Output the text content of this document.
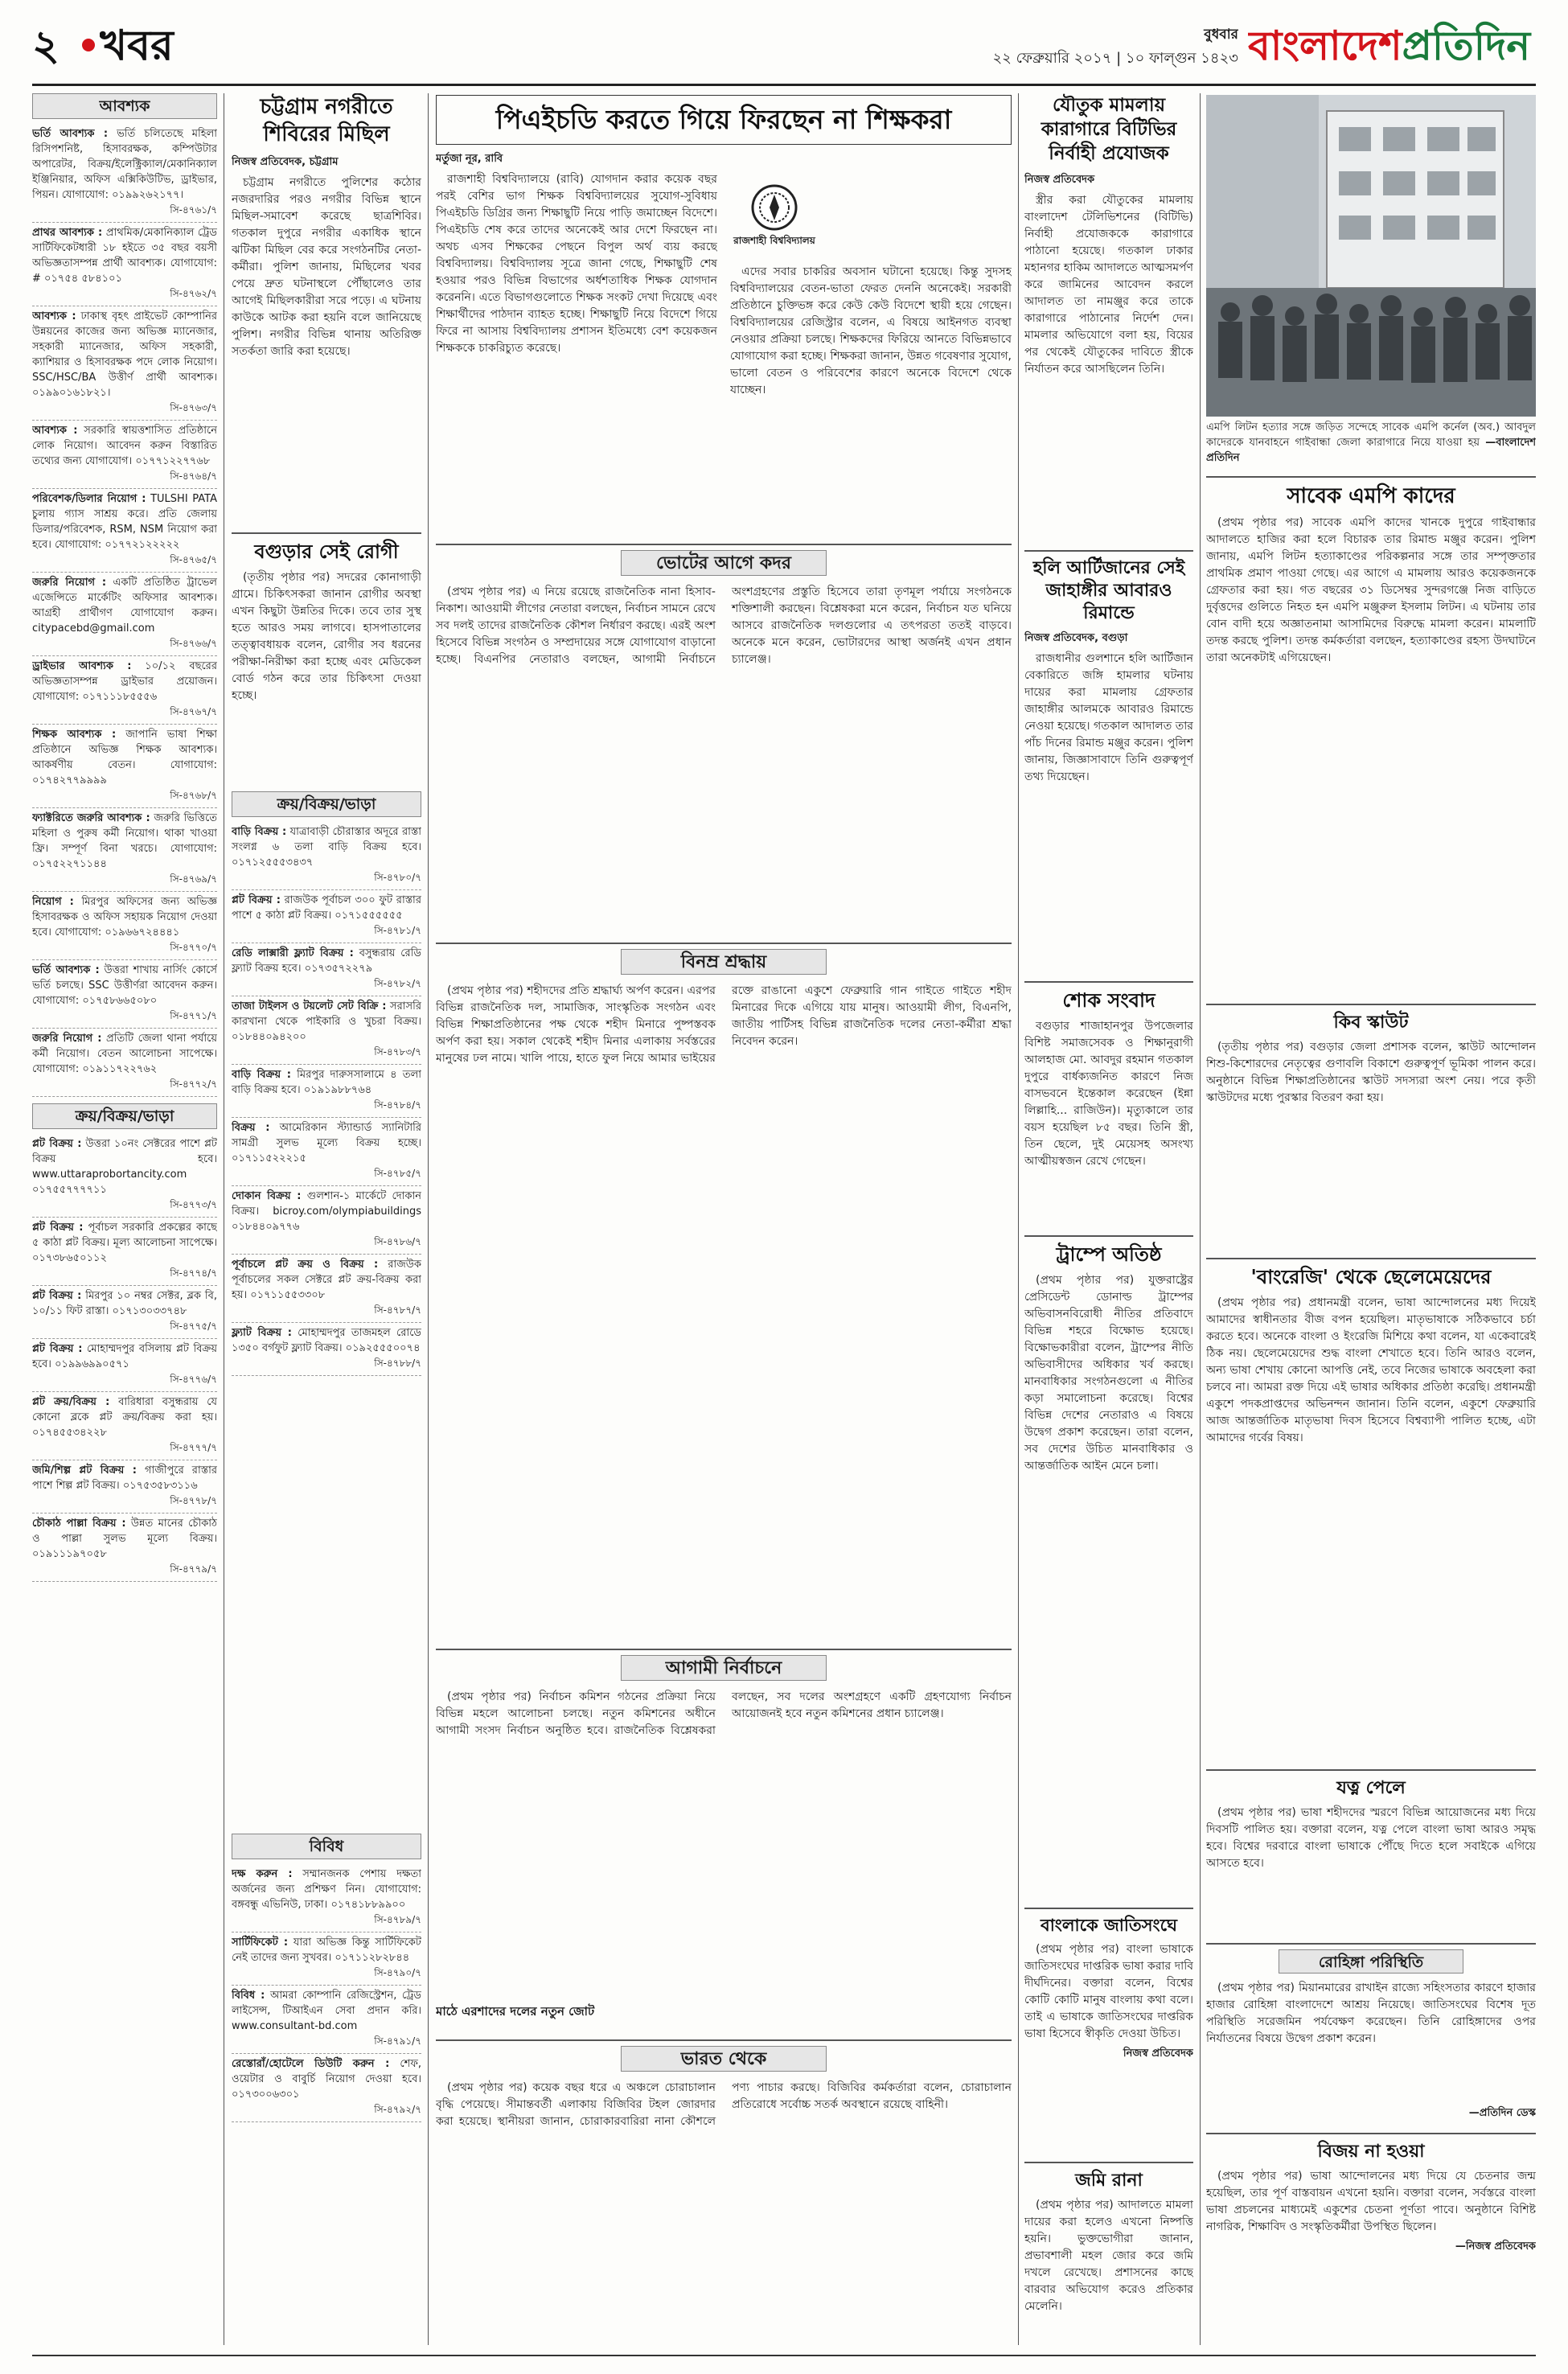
২ খবর	বুধবার
২২ ফেব্রুয়ারি ২০১৭ | ১০ ফাল্গুন ১৪২৩ বাংলাদেশপ্রতিদিন
আবশ্যক
ভর্তি আবশ্যক : ভর্তি চলিতেছে মহিলা রিসিপশনিষ্ট, হিসাবরক্ষক, কম্পিউটার অপারেটর, বিক্রয়/ইলেক্ট্রিক্যাল/মেকানিক্যাল ইঞ্জিনিয়ার, অফিস এক্সিকিউটিভ, ড্রাইভার, পিয়ন। যোগাযোগ: ০১৯৯২৬২১৭৭।
সি-৪৭৬১/৭
প্রাথর আবশ্যক : প্রাথমিক/মেকানিক্যাল ট্রেড সার্টিফিকেটধারী ১৮ হইতে ৩৫ বছর বয়সী অভিজ্ঞতাসম্পন্ন প্রার্থী আবশ্যক। যোগাযোগ: # ০১৭৫৪ ৫৮৪১০১
সি-৪৭৬২/৭
আবশ্যক : ঢাকাস্থ বৃহৎ প্রাইভেট কোম্পানির উন্নয়নের কাজের জন্য অভিজ্ঞ ম্যানেজার, সহকারী ম্যানেজার, অফিস সহকারী, ক্যাশিয়ার ও হিসাবরক্ষক পদে লোক নিয়োগ। SSC/HSC/BA উত্তীর্ণ প্রার্থী আবশ্যক। ০১৯৯০১৬১৮২১।
সি-৪৭৬৩/৭
আবশ্যক : সরকারি স্বায়ত্তশাসিত প্রতিষ্ঠানে লোক নিয়োগ। আবেদন করুন বিস্তারিত তথ্যের জন্য যোগাযোগ। ০১৭৭১২২৭৭৬৮
সি-৪৭৬৪/৭
পরিবেশক/ডিলার নিয়োগ : TULSHI PATA চুলায় গ্যাস সাশ্রয় করে। প্রতি জেলায় ডিলার/পরিবেশক, RSM, NSM নিয়োগ করা হবে। যোগাযোগ: ০১৭৭২১২২২২২
সি-৪৭৬৫/৭
জরুরি নিয়োগ : একটি প্রতিষ্ঠিত ট্রাভেল এজেন্সিতে মার্কেটিং অফিসার আবশ্যক। আগ্রহী প্রার্থীগণ যোগাযোগ করুন। citypacebd@gmail.com
সি-৪৭৬৬/৭
ড্রাইভার আবশ্যক : ১০/১২ বছরের অভিজ্ঞতাসম্পন্ন ড্রাইভার প্রয়োজন। যোগাযোগ: ০১৭১১১৮৫৫৫৬
সি-৪৭৬৭/৭
শিক্ষক আবশ্যক : জাপানি ভাষা শিক্ষা প্রতিষ্ঠানে অভিজ্ঞ শিক্ষক আবশ্যক। আকর্ষণীয় বেতন। যোগাযোগ: ০১৭৪২৭৭৯৯৯৯
সি-৪৭৬৮/৭
ফ্যাক্টরিতে জরুরি আবশ্যক : জরুরি ভিত্তিতে মহিলা ও পুরুষ কর্মী নিয়োগ। থাকা খাওয়া ফ্রি। সম্পূর্ণ বিনা খরচে। যোগাযোগ: ০১৭৫২২৭১১৪৪
সি-৪৭৬৯/৭
নিয়োগ : মিরপুর অফিসের জন্য অভিজ্ঞ হিসাবরক্ষক ও অফিস সহায়ক নিয়োগ দেওয়া হবে। যোগাযোগ: ০১৯৬৬৭২৪৪৪১
সি-৪৭৭০/৭
ভর্তি আবশ্যক : উত্তরা শাখায় নার্সিং কোর্সে ভর্তি চলছে। SSC উত্তীর্ণরা আবেদন করুন। যোগাযোগ: ০১৭৫৮৬৬৫০৮০
সি-৪৭৭১/৭
জরুরি নিয়োগ : প্রতিটি জেলা থানা পর্যায়ে কর্মী নিয়োগ। বেতন আলোচনা সাপেক্ষে। যোগাযোগ: ০১৯১১৭২২৭৬২
সি-৪৭৭২/৭
ক্রয়/বিক্রয়/ভাড়া
প্লট বিক্রয় : উত্তরা ১০নং সেক্টরের পাশে প্লট বিক্রয় হবে। www.uttaraprobortancity.com ০১৭৫৫৭৭৭৭১১
সি-৪৭৭৩/৭
প্লট বিক্রয় : পূর্বাচল সরকারি প্রকল্পের কাছে ৫ কাঠা প্লট বিক্রয়। মূল্য আলোচনা সাপেক্ষে। ০১৭৩৮৬৫০১১২
সি-৪৭৭৪/৭
প্লট বিক্রয় : মিরপুর ১০ নম্বর সেক্টর, ব্লক বি, ১০/১১ ফিট রাস্তা। ০১৭১৩০৩৩৭৪৮
সি-৪৭৭৫/৭
প্লট বিক্রয় : মোহাম্মদপুর বসিলায় প্লট বিক্রয় হবে। ০১৯৯৬৯৯০৫৭১
সি-৪৭৭৬/৭
প্লট ক্রয়/বিক্রয় : বারিধারা বসুন্ধরায় যে কোনো ব্লকে প্লট ক্রয়/বিক্রয় করা হয়। ০১৭৪৫৫৩৪২২৮
সি-৪৭৭৭/৭
জমি/শিল্প প্লট বিক্রয় : গাজীপুরে রাস্তার পাশে শিল্প প্লট বিক্রয়। ০১৭৫৩৫৮৩১১৬
সি-৪৭৭৮/৭
চৌকাঠ পাল্লা বিক্রয় : উন্নত মানের চৌকাঠ ও পাল্লা সুলভ মূল্যে বিক্রয়। ০১৯১১১৯৭০৫৮
সি-৪৭৭৯/৭
চট্টগ্রাম নগরীতে
শিবিরের মিছিল
নিজস্ব প্রতিবেদক, চট্টগ্রাম

চট্টগ্রাম নগরীতে পুলিশের কঠোর নজরদারির পরও নগরীর বিভিন্ন স্থানে মিছিল-সমাবেশ করেছে ছাত্রশিবির। গতকাল দুপুরে নগরীর একাধিক স্থানে ঝটিকা মিছিল বের করে সংগঠনটির নেতা-কর্মীরা। পুলিশ জানায়, মিছিলের খবর পেয়ে দ্রুত ঘটনাস্থলে পৌঁছালেও তার আগেই মিছিলকারীরা সরে পড়ে। এ ঘটনায় কাউকে আটক করা হয়নি বলে জানিয়েছে পুলিশ। নগরীর বিভিন্ন থানায় অতিরিক্ত সতর্কতা জারি করা হয়েছে।

বগুড়ার সেই রোগী

(তৃতীয় পৃষ্ঠার পর) সদরের কোনাগাড়ী গ্রামে। চিকিৎসকরা জানান রোগীর অবস্থা এখন কিছুটা উন্নতির দিকে। তবে তার সুস্থ হতে আরও সময় লাগবে। হাসপাতালের তত্ত্বাবধায়ক বলেন, রোগীর সব ধরনের পরীক্ষা-নিরীক্ষা করা হচ্ছে এবং মেডিকেল বোর্ড গঠন করে তার চিকিৎসা দেওয়া হচ্ছে।

ক্রয়/বিক্রয়/ভাড়া
বাড়ি বিক্রয় : যাত্রাবাড়ী চৌরাস্তার অদূরে রাস্তা সংলগ্ন ৬ তলা বাড়ি বিক্রয় হবে। ০১৭১২৫৫৫৩৪৩৭
সি-৪৭৮০/৭
প্লট বিক্রয় : রাজউক পূর্বাচল ৩০০ ফুট রাস্তার পাশে ৫ কাঠা প্লট বিক্রয়। ০১৭১৫৫৫৫৫৫
সি-৪৭৮১/৭
রেডি লাক্সারী ফ্ল্যাট বিক্রয় : বসুন্ধরায় রেডি ফ্ল্যাট বিক্রয় হবে। ০১৭৩৫৭২২৭৯
সি-৪৭৮২/৭
তাজা টাইলস ও টয়লেট সেট বিক্রি : সরাসরি কারখানা থেকে পাইকারি ও খুচরা বিক্রয়। ০১৮৪৪০৯৪২০০
সি-৪৭৮৩/৭
বাড়ি বিক্রয় : মিরপুর দারুসসালামে ৪ তলা বাড়ি বিক্রয় হবে। ০১৯১৯৮৮৭৬৪
সি-৪৭৮৪/৭
বিক্রয় : আমেরিকান স্ট্যান্ডার্ড স্যানিটারি সামগ্রী সুলভ মূল্যে বিক্রয় হচ্ছে। ০১৭১১৫২২২১৫
সি-৪৭৮৫/৭
দোকান বিক্রয় : গুলশান-১ মার্কেটে দোকান বিক্রয়। bicroy.com/olympiabuildings ০১৮৪৪০৯৭৭৬
সি-৪৭৮৬/৭
পূর্বাচলে প্লট ক্রয় ও বিক্রয় : রাজউক পূর্বাচলের সকল সেক্টরে প্লট ক্রয়-বিক্রয় করা হয়। ০১৭১১৫৫৩৩০৮
সি-৪৭৮৭/৭
ফ্ল্যাট বিক্রয় : মোহাম্মদপুর তাজমহল রোডে ১৩৫০ বর্গফুট ফ্ল্যাট বিক্রয়। ০১৯২৫৫৫০০৭৪
সি-৪৭৮৮/৭
বিবিধ
দক্ষ করুন : সম্মানজনক পেশায় দক্ষতা অর্জনের জন্য প্রশিক্ষণ নিন। যোগাযোগ: বঙ্গবন্ধু এভিনিউ, ঢাকা। ০১৭৪১৮৮৯৯০০
সি-৪৭৮৯/৭
সার্টিফিকেট : যারা অভিজ্ঞ কিন্তু সার্টিফিকেট নেই তাদের জন্য সুখবর। ০১৭১১২৮২৮৪৪
সি-৪৭৯০/৭
বিবিধ : আমরা কোম্পানি রেজিস্ট্রেশন, ট্রেড লাইসেন্স, টিআইএন সেবা প্রদান করি। www.consultant-bd.com
সি-৪৭৯১/৭
রেস্তোরাঁ/হোটেলে ডিউটি করুন : শেফ, ওয়েটার ও বাবুর্চি নিয়োগ দেওয়া হবে। ০১৭৩০০৬৩০১
সি-৪৭৯২/৭
পিএইচডি করতে গিয়ে ফিরছেন না শিক্ষকরা
মর্তুজা নূর, রাবি

রাজশাহী বিশ্ববিদ্যালয়ে (রাবি) যোগদান করার কয়েক বছর পরই বেশির ভাগ শিক্ষক বিশ্ববিদ্যালয়ের সুযোগ-সুবিধায় পিএইচডি ডিগ্রির জন্য শিক্ষাছুটি নিয়ে পাড়ি জমাচ্ছেন বিদেশে। পিএইচডি শেষ করে তাদের অনেকেই আর দেশে ফিরছেন না। অথচ এসব শিক্ষকের পেছনে বিপুল অর্থ ব্যয় করছে বিশ্ববিদ্যালয়। বিশ্ববিদ্যালয় সূত্রে জানা গেছে, শিক্ষাছুটি শেষ হওয়ার পরও বিভিন্ন বিভাগের অর্ধশতাধিক শিক্ষক যোগদান করেননি। এতে বিভাগগুলোতে শিক্ষক সংকট দেখা দিয়েছে এবং শিক্ষার্থীদের পাঠদান ব্যাহত হচ্ছে। শিক্ষাছুটি নিয়ে বিদেশে গিয়ে ফিরে না আসায় বিশ্ববিদ্যালয় প্রশাসন ইতিমধ্যে বেশ কয়েকজন শিক্ষককে চাকরিচ্যুত করেছে।

রাজশাহী বিশ্ববিদ্যালয়

এদের সবার চাকরির অবসান ঘটানো হয়েছে। কিন্তু সুদসহ বিশ্ববিদ্যালয়ের বেতন-ভাতা ফেরত দেননি অনেকেই। সরকারী প্রতিষ্ঠানে চুক্তিভঙ্গ করে কেউ কেউ বিদেশে স্থায়ী হয়ে গেছেন। বিশ্ববিদ্যালয়ের রেজিস্ট্রার বলেন, এ বিষয়ে আইনগত ব্যবস্থা নেওয়ার প্রক্রিয়া চলছে। শিক্ষকদের ফিরিয়ে আনতে বিভিন্নভাবে যোগাযোগ করা হচ্ছে। শিক্ষকরা জানান, উন্নত গবেষণার সুযোগ, ভালো বেতন ও পরিবেশের কারণে অনেকে বিদেশে থেকে যাচ্ছেন।

ভোটের আগে কদর

(প্রথম পৃষ্ঠার পর) এ নিয়ে রয়েছে রাজনৈতিক নানা হিসাব-নিকাশ। আওয়ামী লীগের নেতারা বলছেন, নির্বাচন সামনে রেখে সব দলই তাদের রাজনৈতিক কৌশল নির্ধারণ করছে। এরই অংশ হিসেবে বিভিন্ন সংগঠন ও সম্প্রদায়ের সঙ্গে যোগাযোগ বাড়ানো হচ্ছে। বিএনপির নেতারাও বলছেন, আগামী নির্বাচনে অংশগ্রহণের প্রস্তুতি হিসেবে তারা তৃণমূল পর্যায়ে সংগঠনকে শক্তিশালী করছেন। বিশ্লেষকরা মনে করেন, নির্বাচন যত ঘনিয়ে আসবে রাজনৈতিক দলগুলোর এ তৎপরতা ততই বাড়বে। অনেকে মনে করেন, ভোটারদের আস্থা অর্জনই এখন প্রধান চ্যালেঞ্জ।

বিনম্র শ্রদ্ধায়

(প্রথম পৃষ্ঠার পর) শহীদদের প্রতি শ্রদ্ধার্ঘ্য অর্পণ করেন। এরপর বিভিন্ন রাজনৈতিক দল, সামাজিক, সাংস্কৃতিক সংগঠন এবং বিভিন্ন শিক্ষাপ্রতিষ্ঠানের পক্ষ থেকে শহীদ মিনারে পুষ্পস্তবক অর্পণ করা হয়। সকাল থেকেই শহীদ মিনার এলাকায় সর্বস্তরের মানুষের ঢল নামে। খালি পায়ে, হাতে ফুল নিয়ে আমার ভাইয়ের রক্তে রাঙানো একুশে ফেব্রুয়ারি গান গাইতে গাইতে শহীদ মিনারের দিকে এগিয়ে যায় মানুষ। আওয়ামী লীগ, বিএনপি, জাতীয় পার্টিসহ বিভিন্ন রাজনৈতিক দলের নেতা-কর্মীরা শ্রদ্ধা নিবেদন করেন।

আগামী নির্বাচনে

(প্রথম পৃষ্ঠার পর) নির্বাচন কমিশন গঠনের প্রক্রিয়া নিয়ে বিভিন্ন মহলে আলোচনা চলছে। নতুন কমিশনের অধীনে আগামী সংসদ নির্বাচন অনুষ্ঠিত হবে। রাজনৈতিক বিশ্লেষকরা বলছেন, সব দলের অংশগ্রহণে একটি গ্রহণযোগ্য নির্বাচন আয়োজনই হবে নতুন কমিশনের প্রধান চ্যালেঞ্জ।

মাঠে এরশাদের দলের নতুন জোট
ভারত থেকে

(প্রথম পৃষ্ঠার পর) কয়েক বছর ধরে এ অঞ্চলে চোরাচালান বৃদ্ধি পেয়েছে। সীমান্তবর্তী এলাকায় বিজিবির টহল জোরদার করা হয়েছে। স্থানীয়রা জানান, চোরাকারবারিরা নানা কৌশলে পণ্য পাচার করছে। বিজিবির কর্মকর্তারা বলেন, চোরাচালান প্রতিরোধে সর্বোচ্চ সতর্ক অবস্থানে রয়েছে বাহিনী।

যৌতুক মামলায়
কারাগারে বিটিভির
নির্বাহী প্রযোজক
নিজস্ব প্রতিবেদক

স্ত্রীর করা যৌতুকের মামলায় বাংলাদেশ টেলিভিশনের (বিটিভি) নির্বাহী প্রযোজককে কারাগারে পাঠানো হয়েছে। গতকাল ঢাকার মহানগর হাকিম আদালতে আত্মসমর্পণ করে জামিনের আবেদন করলে আদালত তা নামঞ্জুর করে তাকে কারাগারে পাঠানোর নির্দেশ দেন। মামলার অভিযোগে বলা হয়, বিয়ের পর থেকেই যৌতুকের দাবিতে স্ত্রীকে নির্যাতন করে আসছিলেন তিনি।

হলি আর্টিজানের সেই
জাহাঙ্গীর আবারও
রিমান্ডে
নিজস্ব প্রতিবেদক, বগুড়া

রাজধানীর গুলশানে হলি আর্টিজান বেকারিতে জঙ্গি হামলার ঘটনায় দায়ের করা মামলায় গ্রেফতার জাহাঙ্গীর আলমকে আবারও রিমান্ডে নেওয়া হয়েছে। গতকাল আদালত তার পাঁচ দিনের রিমান্ড মঞ্জুর করেন। পুলিশ জানায়, জিজ্ঞাসাবাদে তিনি গুরুত্বপূর্ণ তথ্য দিয়েছেন।

শোক সংবাদ

বগুড়ার শাজাহানপুর উপজেলার বিশিষ্ট সমাজসেবক ও শিক্ষানুরাগী আলহাজ মো. আবদুর রহমান গতকাল দুপুরে বার্ধক্যজনিত কারণে নিজ বাসভবনে ইন্তেকাল করেছেন (ইন্না লিল্লাহি... রাজিউন)। মৃত্যুকালে তার বয়স হয়েছিল ৮৫ বছর। তিনি স্ত্রী, তিন ছেলে, দুই মেয়েসহ অসংখ্য আত্মীয়স্বজন রেখে গেছেন।

ট্রাম্পে অতিষ্ঠ

(প্রথম পৃষ্ঠার পর) যুক্তরাষ্ট্রের প্রেসিডেন্ট ডোনাল্ড ট্রাম্পের অভিবাসনবিরোধী নীতির প্রতিবাদে বিভিন্ন শহরে বিক্ষোভ হয়েছে। বিক্ষোভকারীরা বলেন, ট্রাম্পের নীতি অভিবাসীদের অধিকার খর্ব করছে। মানবাধিকার সংগঠনগুলো এ নীতির কড়া সমালোচনা করেছে। বিশ্বের বিভিন্ন দেশের নেতারাও এ বিষয়ে উদ্বেগ প্রকাশ করেছেন। তারা বলেন, সব দেশের উচিত মানবাধিকার ও আন্তর্জাতিক আইন মেনে চলা।

বাংলাকে জাতিসংঘে

(প্রথম পৃষ্ঠার পর) বাংলা ভাষাকে জাতিসংঘের দাপ্তরিক ভাষা করার দাবি দীর্ঘদিনের। বক্তারা বলেন, বিশ্বের কোটি কোটি মানুষ বাংলায় কথা বলে। তাই এ ভাষাকে জাতিসংঘের দাপ্তরিক ভাষা হিসেবে স্বীকৃতি দেওয়া উচিত।

নিজস্ব প্রতিবেদক
জমি রানা

(প্রথম পৃষ্ঠার পর) আদালতে মামলা দায়ের করা হলেও এখনো নিষ্পত্তি হয়নি। ভুক্তভোগীরা জানান, প্রভাবশালী মহল জোর করে জমি দখলে রেখেছে। প্রশাসনের কাছে বারবার অভিযোগ করেও প্রতিকার মেলেনি।

এমপি লিটন হত্যার সঙ্গে জড়িত সন্দেহে সাবেক এমপি কর্নেল (অব.) আবদুল কাদেরকে যানবাহনে গাইবান্ধা জেলা কারাগারে নিয়ে যাওয়া হয় —বাংলাদেশ প্রতিদিন
সাবেক এমপি কাদের

(প্রথম পৃষ্ঠার পর) সাবেক এমপি কাদের খানকে দুপুরে গাইবান্ধার আদালতে হাজির করা হলে বিচারক তার রিমান্ড মঞ্জুর করেন। পুলিশ জানায়, এমপি লিটন হত্যাকাণ্ডের পরিকল্পনার সঙ্গে তার সম্পৃক্ততার প্রাথমিক প্রমাণ পাওয়া গেছে। এর আগে এ মামলায় আরও কয়েকজনকে গ্রেফতার করা হয়। গত বছরের ৩১ ডিসেম্বর সুন্দরগঞ্জে নিজ বাড়িতে দুর্বৃত্তদের গুলিতে নিহত হন এমপি মঞ্জুরুল ইসলাম লিটন। এ ঘটনায় তার বোন বাদী হয়ে অজ্ঞাতনামা আসামিদের বিরুদ্ধে মামলা করেন। মামলাটি তদন্ত করছে পুলিশ। তদন্ত কর্মকর্তারা বলছেন, হত্যাকাণ্ডের রহস্য উদঘাটনে তারা অনেকটাই এগিয়েছেন।

কিব স্কাউট

(তৃতীয় পৃষ্ঠার পর) বগুড়ার জেলা প্রশাসক বলেন, স্কাউট আন্দোলন শিশু-কিশোরদের নেতৃত্বের গুণাবলি বিকাশে গুরুত্বপূর্ণ ভূমিকা পালন করে। অনুষ্ঠানে বিভিন্ন শিক্ষাপ্রতিষ্ঠানের স্কাউট সদস্যরা অংশ নেয়। পরে কৃতী স্কাউটদের মধ্যে পুরস্কার বিতরণ করা হয়।

'বাংরেজি' থেকে ছেলেমেয়েদের

(প্রথম পৃষ্ঠার পর) প্রধানমন্ত্রী বলেন, ভাষা আন্দোলনের মধ্য দিয়েই আমাদের স্বাধীনতার বীজ বপন হয়েছিল। মাতৃভাষাকে সঠিকভাবে চর্চা করতে হবে। অনেকে বাংলা ও ইংরেজি মিশিয়ে কথা বলেন, যা একেবারেই ঠিক নয়। ছেলেমেয়েদের শুদ্ধ বাংলা শেখাতে হবে। তিনি আরও বলেন, অন্য ভাষা শেখায় কোনো আপত্তি নেই, তবে নিজের ভাষাকে অবহেলা করা চলবে না। আমরা রক্ত দিয়ে এই ভাষার অধিকার প্রতিষ্ঠা করেছি। প্রধানমন্ত্রী একুশে পদকপ্রাপ্তদের অভিনন্দন জানান। তিনি বলেন, একুশে ফেব্রুয়ারি আজ আন্তর্জাতিক মাতৃভাষা দিবস হিসেবে বিশ্বব্যাপী পালিত হচ্ছে, এটা আমাদের গর্বের বিষয়।

যত্ন পেলে

(প্রথম পৃষ্ঠার পর) ভাষা শহীদদের স্মরণে বিভিন্ন আয়োজনের মধ্য দিয়ে দিবসটি পালিত হয়। বক্তারা বলেন, যত্ন পেলে বাংলা ভাষা আরও সমৃদ্ধ হবে। বিশ্বের দরবারে বাংলা ভাষাকে পৌঁছে দিতে হলে সবাইকে এগিয়ে আসতে হবে।

রোহিঙ্গা পরিস্থিতি

(প্রথম পৃষ্ঠার পর) মিয়ানমারের রাখাইন রাজ্যে সহিংসতার কারণে হাজার হাজার রোহিঙ্গা বাংলাদেশে আশ্রয় নিয়েছে। জাতিসংঘের বিশেষ দূত পরিস্থিতি সরেজমিন পর্যবেক্ষণ করেছেন। তিনি রোহিঙ্গাদের ওপর নির্যাতনের বিষয়ে উদ্বেগ প্রকাশ করেন।

—প্রতিদিন ডেস্ক
বিজয় না হওয়া

(প্রথম পৃষ্ঠার পর) ভাষা আন্দোলনের মধ্য দিয়ে যে চেতনার জন্ম হয়েছিল, তার পূর্ণ বাস্তবায়ন এখনো হয়নি। বক্তারা বলেন, সর্বস্তরে বাংলা ভাষা প্রচলনের মাধ্যমেই একুশের চেতনা পূর্ণতা পাবে। অনুষ্ঠানে বিশিষ্ট নাগরিক, শিক্ষাবিদ ও সংস্কৃতিকর্মীরা উপস্থিত ছিলেন।

—নিজস্ব প্রতিবেদক
